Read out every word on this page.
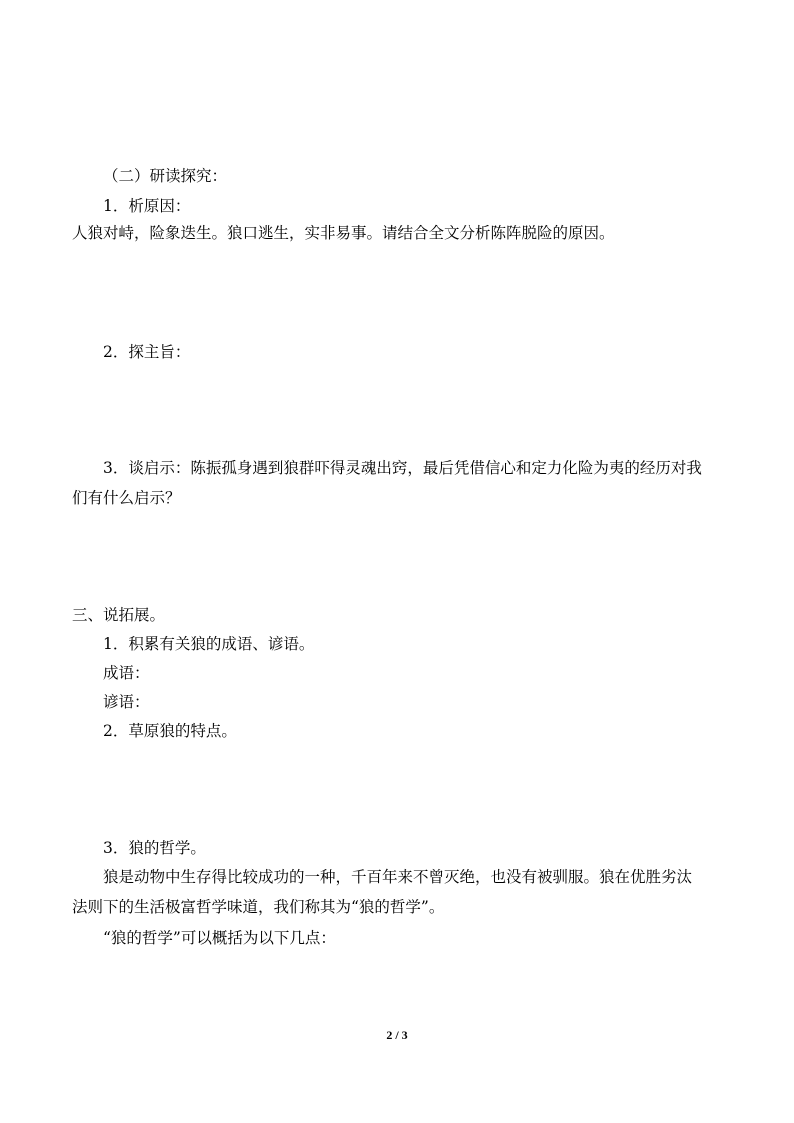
（二）研读探究：

1．析原因：

人狼对峙，险象迭生。狼口逃生，实非易事。请结合全文分析陈阵脱险的原因。

2．探主旨：

3．谈启示：陈振孤身遇到狼群吓得灵魂出窍，最后凭借信心和定力化险为夷的经历对我

们有什么启示？

三、说拓展。

1．积累有关狼的成语、谚语。

成语：

谚语：

2．草原狼的特点。

3．狼的哲学。

狼是动物中生存得比较成功的一种，千百年来不曾灭绝，也没有被驯服。狼在优胜劣汰

法则下的生活极富哲学味道，我们称其为“狼的哲学”。

“狼的哲学”可以概括为以下几点：

2 / 3
